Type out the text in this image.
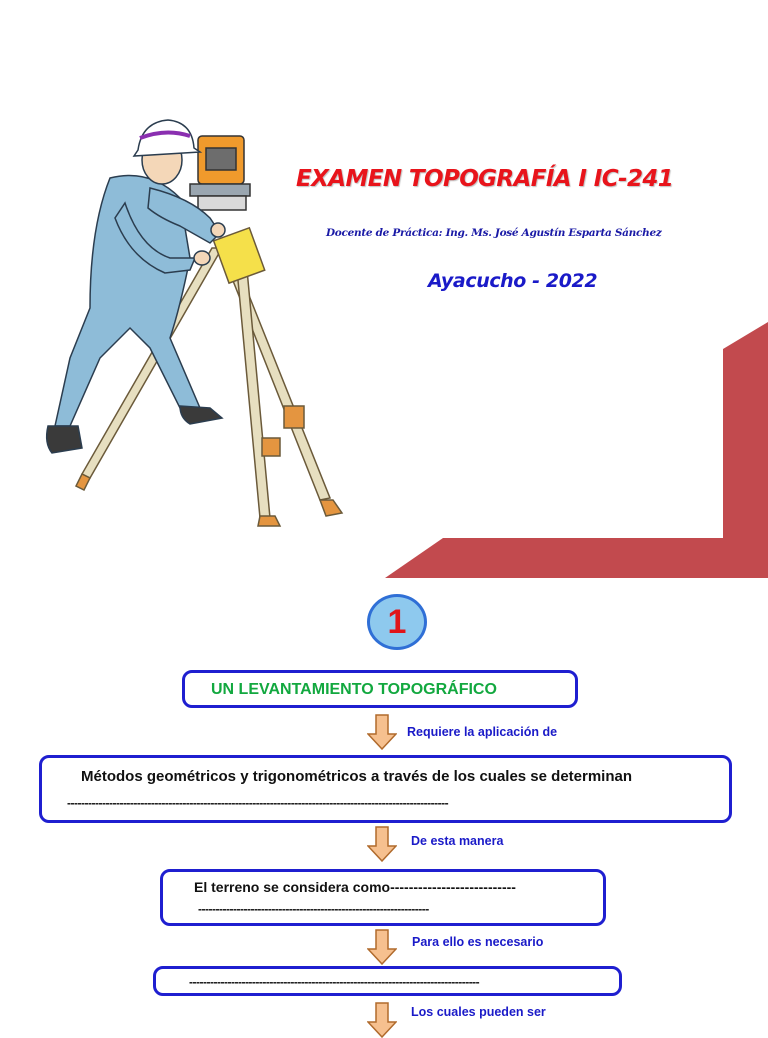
EXAMEN TOPOGRAFÍA I IC-241
Docente de Práctica: Ing. Ms. José Agustín Esparta Sánchez
Ayacucho - 2022
1
UN LEVANTAMIENTO TOPOGRÁFICO
Requiere la aplicación de
Métodos geométricos y trigonométricos a través de los cuales se determinan
-------------------------------------------------------------------------------------------------------------
De esta manera
El terreno se considera como---------------------------
------------------------------------------------------------------
Para ello es necesario
-----------------------------------------------------------------------------------
Los cuales pueden ser
